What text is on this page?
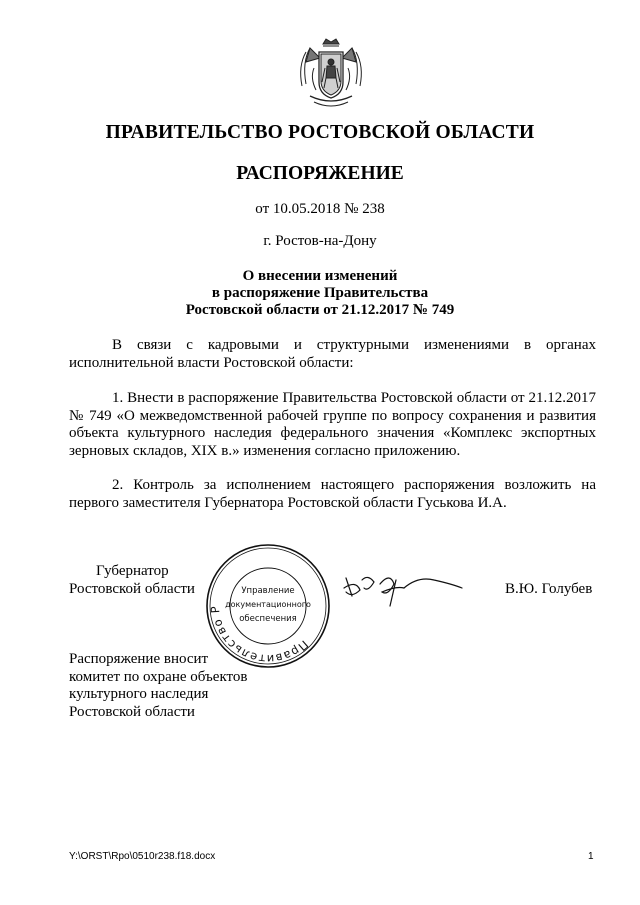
ПРАВИТЕЛЬСТВО РОСТОВСКОЙ ОБЛАСТИ
РАСПОРЯЖЕНИЕ
от 10.05.2018 № 238
г. Ростов-на-Дону
О внесении изменений
в распоряжение Правительства
Ростовской области от 21.12.2017 № 749
В связи с кадровыми и структурными изменениями в органах исполнительной власти Ростовской области:
1. Внести в распоряжение Правительства Ростовской области от 21.12.2017 № 749 «О межведомственной рабочей группе по вопросу сохранения и развития объекта культурного наследия федерального значения «Комплекс экспортных зерновых складов, XIX в.» изменения согласно приложению.
2. Контроль за исполнением настоящего распоряжения возложить на первого заместителя Губернатора Ростовской области Гуськова И.А.
Губернатор
Ростовской области
Правительство Р
Управление
документационного
обеспечения
В.Ю. Голубев
Распоряжение вносит
комитет по охране объектов
культурного наследия
Ростовской области
Y:\ORST\Rpo\0510r238.f18.docx	1
